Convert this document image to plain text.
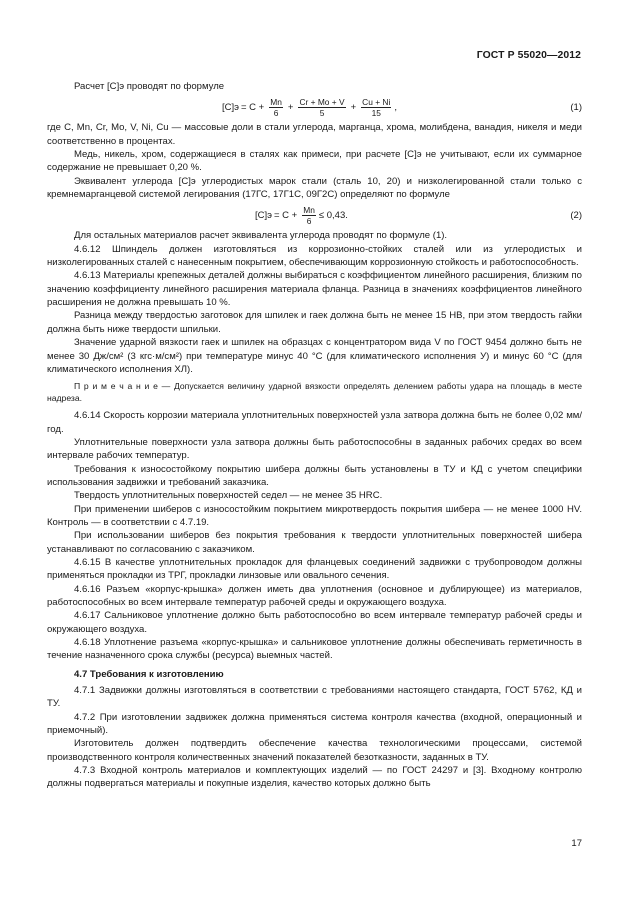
ГОСТ Р 55020—2012

Расчет [С]э проводят по формуле

$[С]э = С + \frac{Mn}{6} + \frac{Cr + Mo + V}{5} + \frac{Cu + Ni}{15}$ ,	(1)

где С, Mn, Cr, Mo, V, Ni, Cu — массовые доли в стали углерода, марганца, хрома, молибдена, ванадия, никеля и меди соответственно в процентах.

Медь, никель, хром, содержащиеся в сталях как примеси, при расчете [С]э не учитывают, если их суммарное содержание не превышает 0,20 %.

Эквивалент углерода [С]э углеродистых марок стали (сталь 10, 20) и низколегированной стали только с кремнемарганцевой системой легирования (17ГС, 17Г1С, 09Г2С) определяют по формуле

$[С]э = С + \frac{Mn}{6} \le 0,43$.	(2)

Для остальных материалов расчет эквивалента углерода проводят по формуле (1).

4.6.12 Шпиндель должен изготовляться из коррозионно-стойких сталей или из углеродистых и низколегированных сталей с нанесенным покрытием, обеспечивающим коррозионную стойкость и работоспособность.

4.6.13 Материалы крепежных деталей должны выбираться с коэффициентом линейного расширения, близким по значению коэффициенту линейного расширения материала фланца. Разница в значениях коэффициентов линейного расширения не должна превышать 10 %.

Разница между твердостью заготовок для шпилек и гаек должна быть не менее 15 НВ, при этом твердость гайки должна быть ниже твердости шпильки.

Значение ударной вязкости гаек и шпилек на образцах с концентратором вида V по ГОСТ 9454 должно быть не менее 30 Дж/см² (3 кгс·м/см²) при температуре минус 40 °С (для климатического исполнения У) и минус 60 °С (для климатического исполнения ХЛ).

П р и м е ч а н и е — Допускается величину ударной вязкости определять делением работы удара на площадь в месте надреза.

4.6.14 Скорость коррозии материала уплотнительных поверхностей узла затвора должна быть не более 0,02 мм/год.

Уплотнительные поверхности узла затвора должны быть работоспособны в заданных рабочих средах во всем интервале рабочих температур.

Требования к износостойкому покрытию шибера должны быть установлены в ТУ и КД с учетом специфики использования задвижки и требований заказчика.

Твердость уплотнительных поверхностей седел — не менее 35 HRC.

При применении шиберов с износостойким покрытием микротвердость покрытия шибера — не менее 1000 HV. Контроль — в соответствии с 4.7.19.

При использовании шиберов без покрытия требования к твердости уплотнительных поверхностей шибера устанавливают по согласованию с заказчиком.

4.6.15 В качестве уплотнительных прокладок для фланцевых соединений задвижки с трубопроводом должны применяться прокладки из ТРГ, прокладки линзовые или овального сечения.

4.6.16 Разъем «корпус-крышка» должен иметь два уплотнения (основное и дублирующее) из материалов, работоспособных во всем интервале температур рабочей среды и окружающего воздуха.

4.6.17 Сальниковое уплотнение должно быть работоспособно во всем интервале температур рабочей среды и окружающего воздуха.

4.6.18 Уплотнение разъема «корпус-крышка» и сальниковое уплотнение должны обеспечивать герметичность в течение назначенного срока службы (ресурса) выемных частей.

4.7 Требования к изготовлению

4.7.1 Задвижки должны изготовляться в соответствии с требованиями настоящего стандарта, ГОСТ 5762, КД и ТУ.

4.7.2 При изготовлении задвижек должна применяться система контроля качества (входной, операционный и приемочный).

Изготовитель должен подтвердить обеспечение качества технологическими процессами, системой производственного контроля количественных значений показателей безотказности, заданных в ТУ.

4.7.3 Входной контроль материалов и комплектующих изделий — по ГОСТ 24297 и [3]. Входному контролю должны подвергаться материалы и покупные изделия, качество которых должно быть

17
